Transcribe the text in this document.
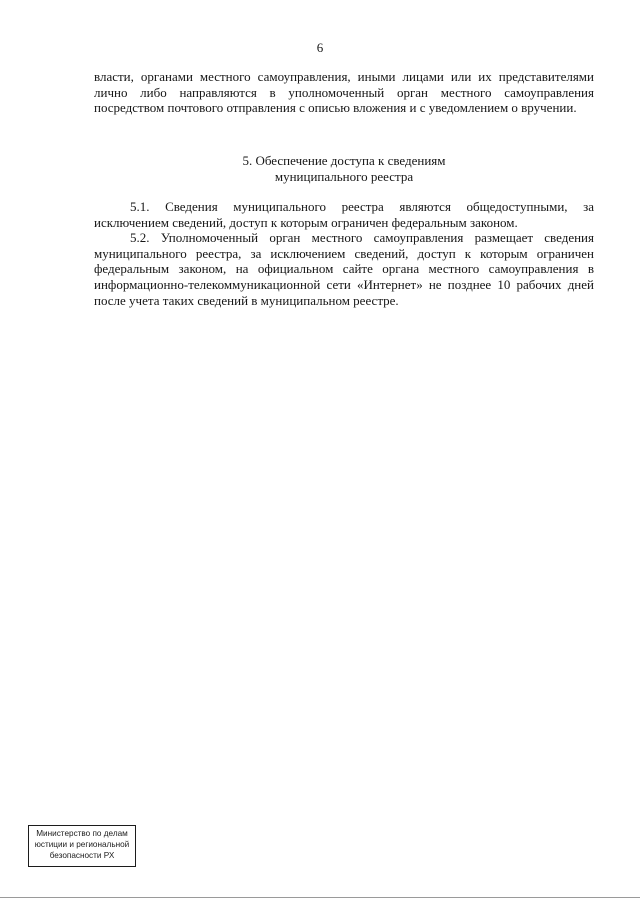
6

власти, органами местного самоуправления, иными лицами или их представителями лично либо направляются в уполномоченный орган местного самоуправления посредством почтового отправления с описью вложения и с уведомлением о вручении.

5. Обеспечение доступа к сведениям
муниципального реестра

5.1. Сведения муниципального реестра являются общедоступными, за исключением сведений, доступ к которым ограничен федеральным законом.

5.2. Уполномоченный орган местного самоуправления размещает сведения муниципального реестра, за исключением сведений, доступ к которым ограничен федеральным законом, на официальном сайте органа местного самоуправления в информационно-телекоммуникационной сети «Интернет» не позднее 10 рабочих дней после учета таких сведений в муниципальном реестре.

Министерство по делам
юстиции и региональной
безопасности РХ
